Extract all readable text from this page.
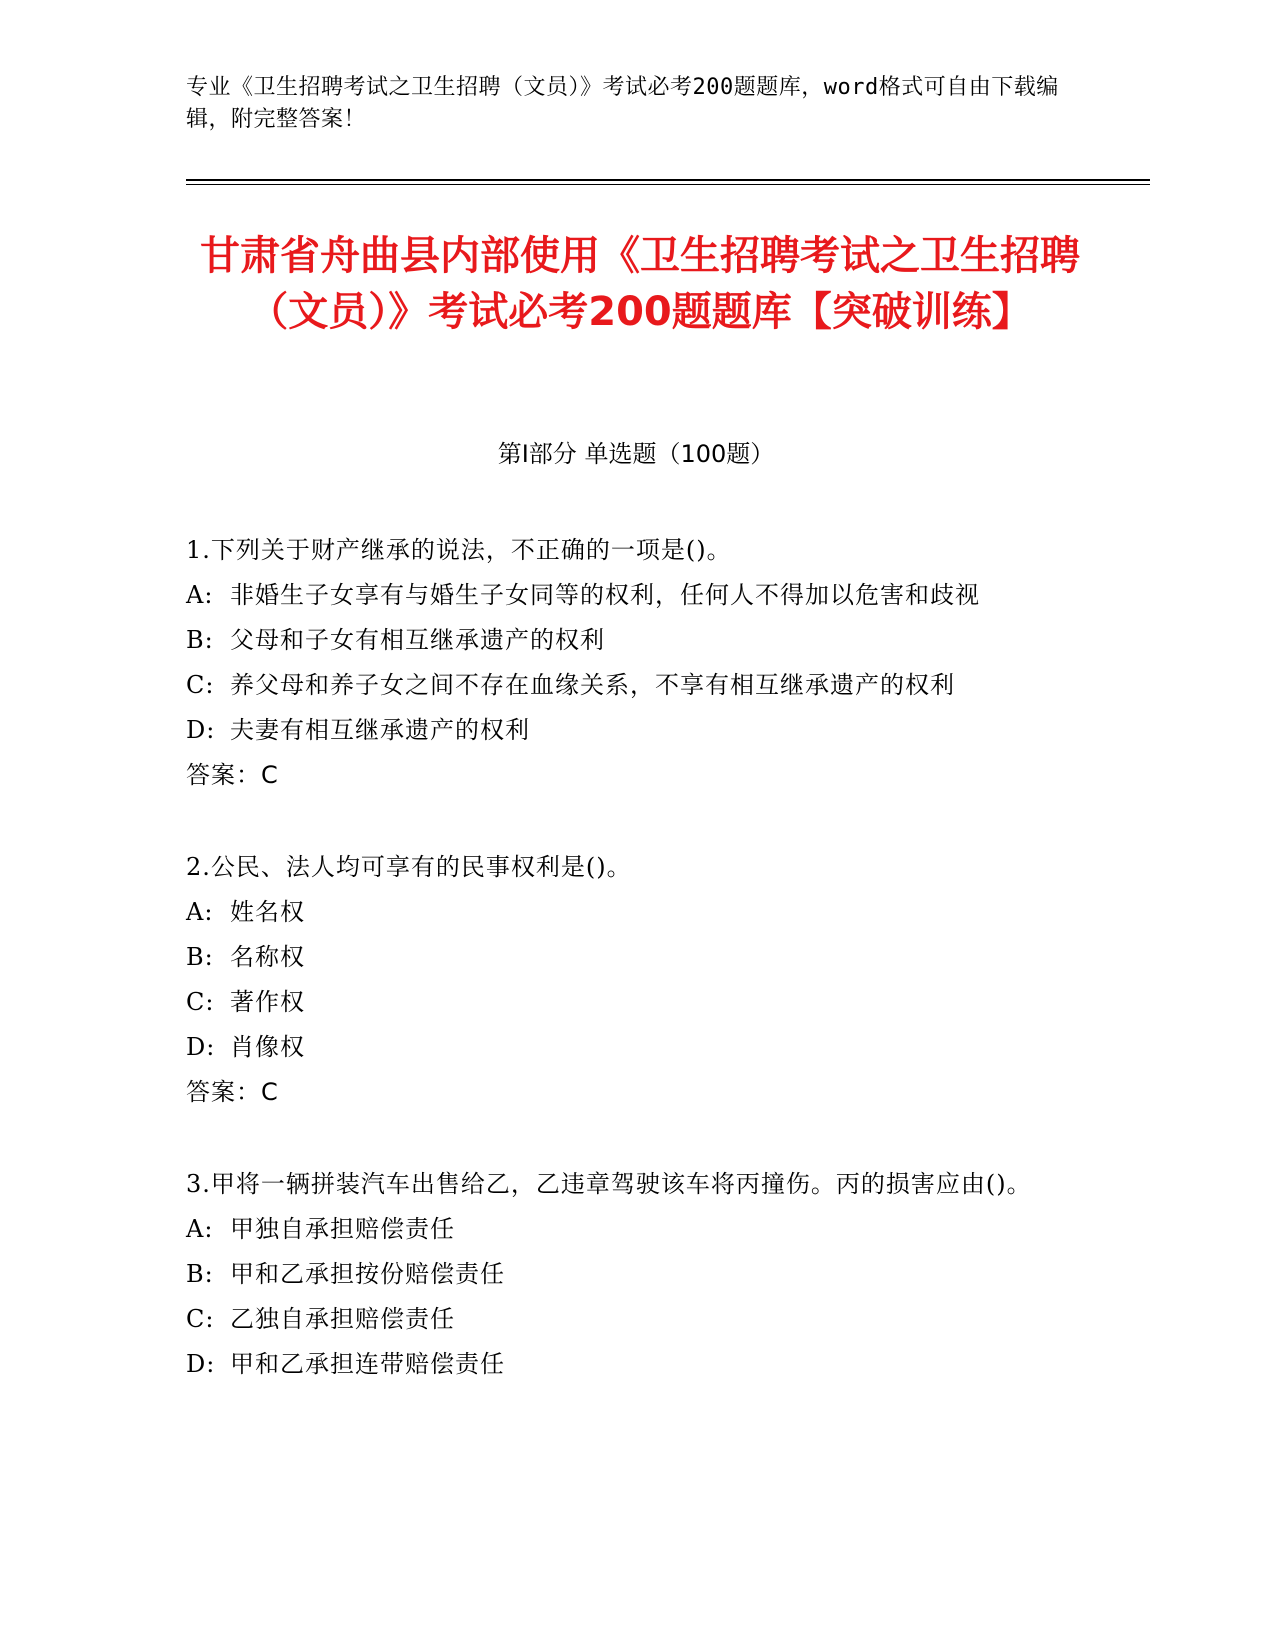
专业《卫生招聘考试之卫生招聘（文员）》考试必考200题题库，word格式可自由下载编辑，附完整答案！
甘肃省舟曲县内部使用《卫生招聘考试之卫生招聘（文员）》考试必考200题题库【突破训练】
第Ⅰ部分 单选题（100题）
1.下列关于财产继承的说法，不正确的一项是()。
A: 非婚生子女享有与婚生子女同等的权利，任何人不得加以危害和歧视
B: 父母和子女有相互继承遗产的权利
C: 养父母和养子女之间不存在血缘关系，不享有相互继承遗产的权利
D: 夫妻有相互继承遗产的权利
答案：C
2.公民、法人均可享有的民事权利是()。
A: 姓名权
B: 名称权
C: 著作权
D: 肖像权
答案：C
3.甲将一辆拼装汽车出售给乙，乙违章驾驶该车将丙撞伤。丙的损害应由()。
A: 甲独自承担赔偿责任
B: 甲和乙承担按份赔偿责任
C: 乙独自承担赔偿责任
D: 甲和乙承担连带赔偿责任
